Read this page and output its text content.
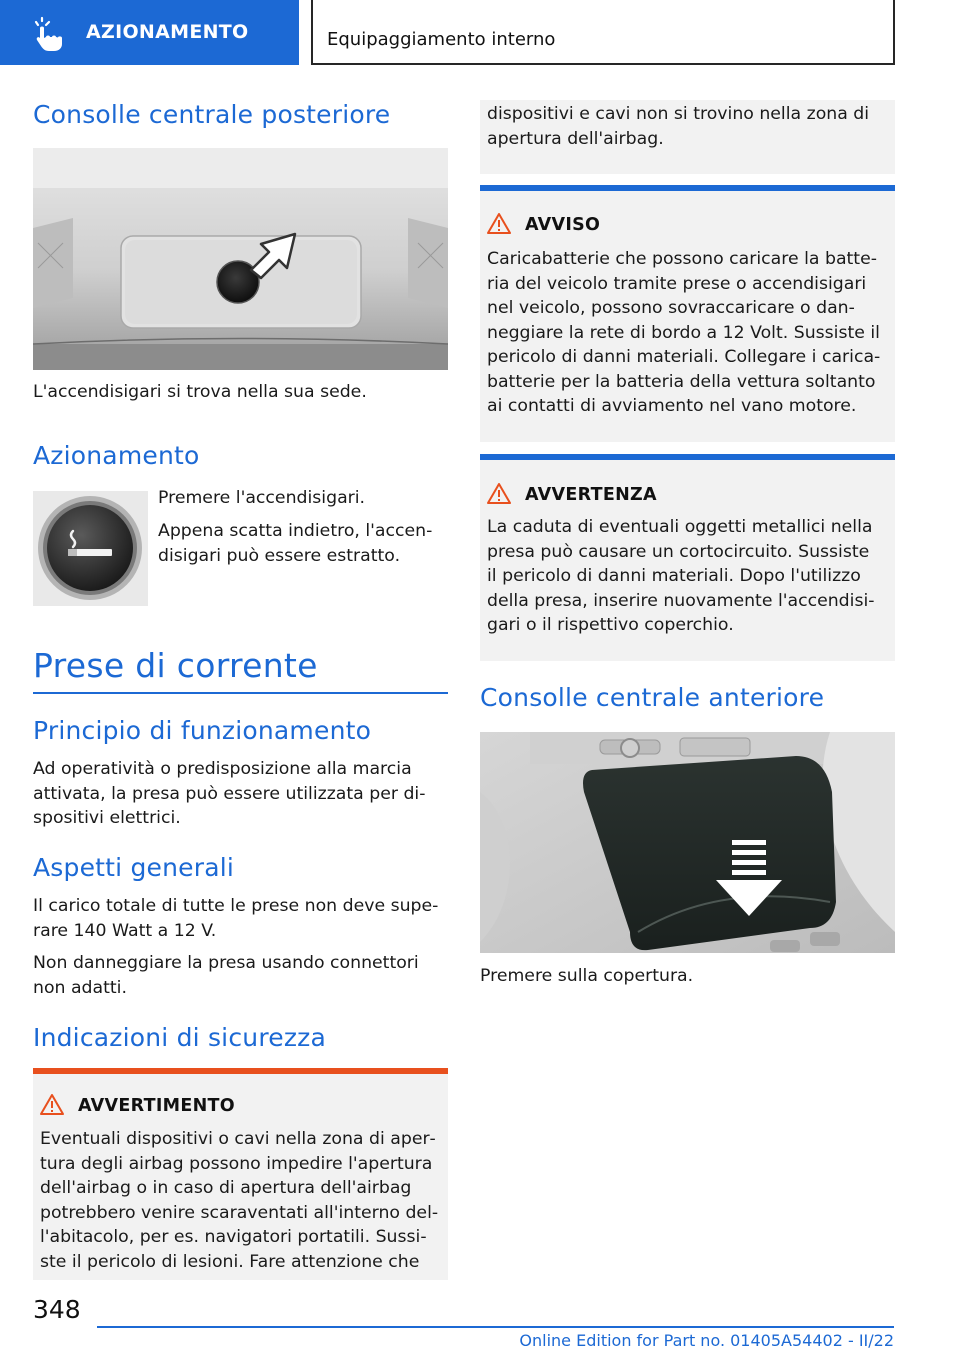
AZIONAMENTO	Equipaggiamento interno
Consolle centrale posteriore
L'accendisigari si trova nella sua sede.
Azionamento
Premere l'accendisigari.
Appena scatta indietro, l'accen‐
disigari può essere estratto.
Prese di corrente
Principio di funzionamento
Ad operatività o predisposizione alla marcia
attivata, la presa può essere utilizzata per di‐
spositivi elettrici.
Aspetti generali
Il carico totale di tutte le prese non deve supe‐
rare 140 Watt a 12 V.
Non danneggiare la presa usando connettori
non adatti.
Indicazioni di sicurezza
AVVERTIMENTO
Eventuali dispositivi o cavi nella zona di aper‐
tura degli airbag possono impedire l'apertura
dell'airbag o in caso di apertura dell'airbag
potrebbero venire scaraventati all'interno del‐
l'abitacolo, per es. navigatori portatili. Sussi‐
ste il pericolo di lesioni. Fare attenzione che
dispositivi e cavi non si trovino nella zona di
apertura dell'airbag.
AVVISO
Caricabatterie che possono caricare la batte‐
ria del veicolo tramite prese o accendisigari
nel veicolo, possono sovraccaricare o dan‐
neggiare la rete di bordo a 12 Volt. Sussiste il
pericolo di danni materiali. Collegare i carica‐
batterie per la batteria della vettura soltanto
ai contatti di avviamento nel vano motore.
AVVERTENZA
La caduta di eventuali oggetti metallici nella
presa può causare un cortocircuito. Sussiste
il pericolo di danni materiali. Dopo l'utilizzo
della presa, inserire nuovamente l'accendisi‐
gari o il rispettivo coperchio.
Consolle centrale anteriore
Premere sulla copertura.
348
Online Edition for Part no. 01405A54402 - II/22
